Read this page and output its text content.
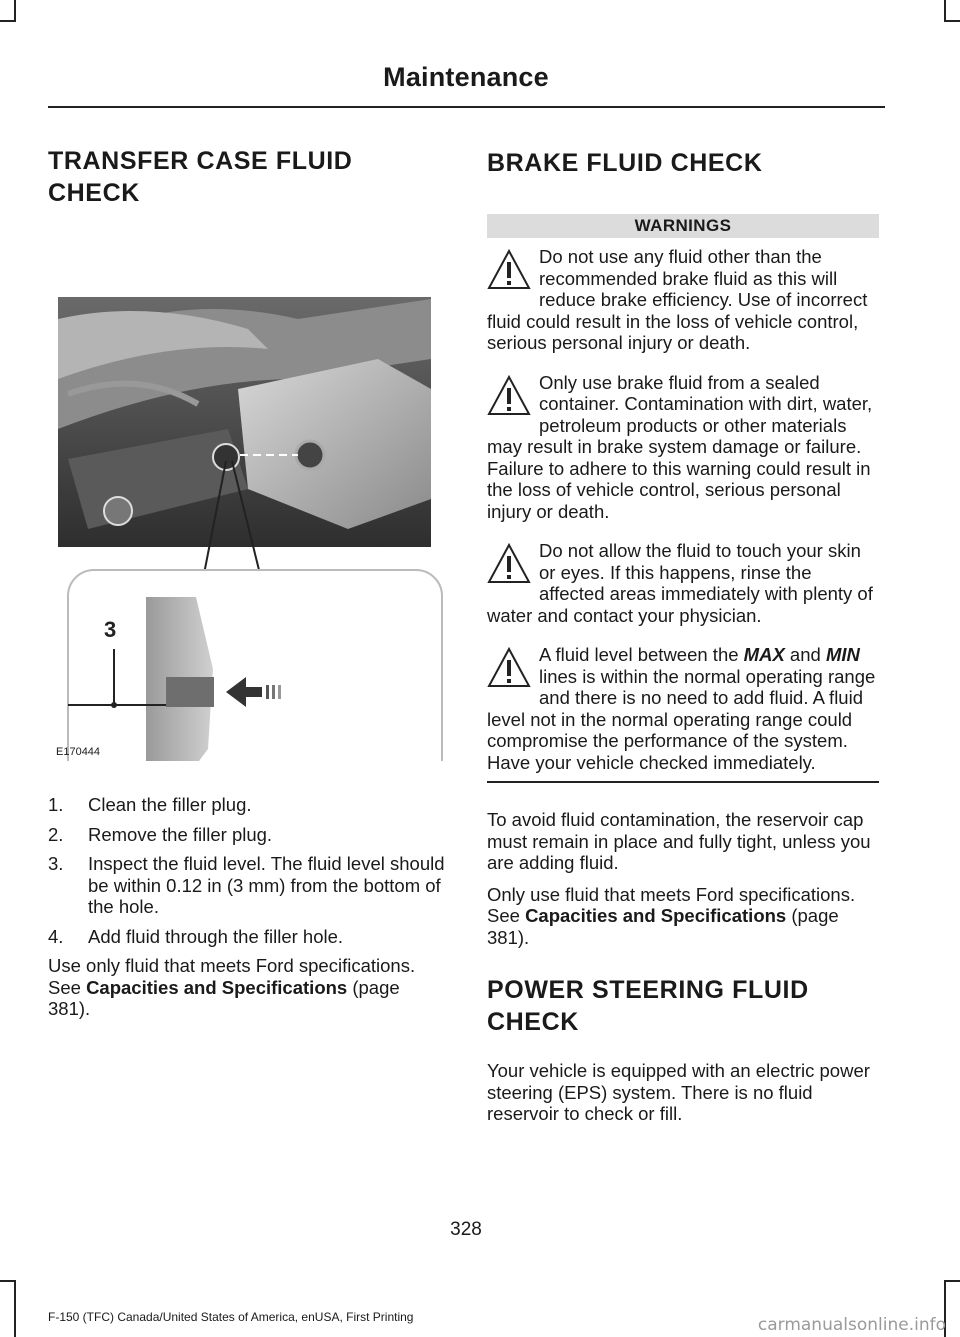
Maintenance
TRANSFER CASE FLUID
CHECK
3
E170444
1. Clean the filler plug.
2. Remove the filler plug.
3. Inspect the fluid level. The fluid level should be within 0.12 in (3 mm) from the bottom of the hole.
4. Add fluid through the filler hole.

Use only fluid that meets Ford specifications. See Capacities and Specifications (page 381).

BRAKE FLUID CHECK
WARNINGS
Do not use any fluid other than the recommended brake fluid as this will reduce brake efficiency. Use of incorrect fluid could result in the loss of vehicle control, serious personal injury or death.
Only use brake fluid from a sealed container. Contamination with dirt, water, petroleum products or other materials may result in brake system damage or failure. Failure to adhere to this warning could result in the loss of vehicle control, serious personal injury or death.
Do not allow the fluid to touch your skin or eyes. If this happens, rinse the affected areas immediately with plenty of water and contact your physician.
A fluid level between the MAX and MIN lines is within the normal operating range and there is no need to add fluid. A fluid level not in the normal operating range could compromise the performance of the system. Have your vehicle checked immediately.

To avoid fluid contamination, the reservoir cap must remain in place and fully tight, unless you are adding fluid.

Only use fluid that meets Ford specifications. See Capacities and Specifications (page 381).

POWER STEERING FLUID
CHECK

Your vehicle is equipped with an electric power steering (EPS) system. There is no fluid reservoir to check or fill.

328
F-150 (TFC) Canada/United States of America, enUSA, First Printing	carmanualsonline.info
